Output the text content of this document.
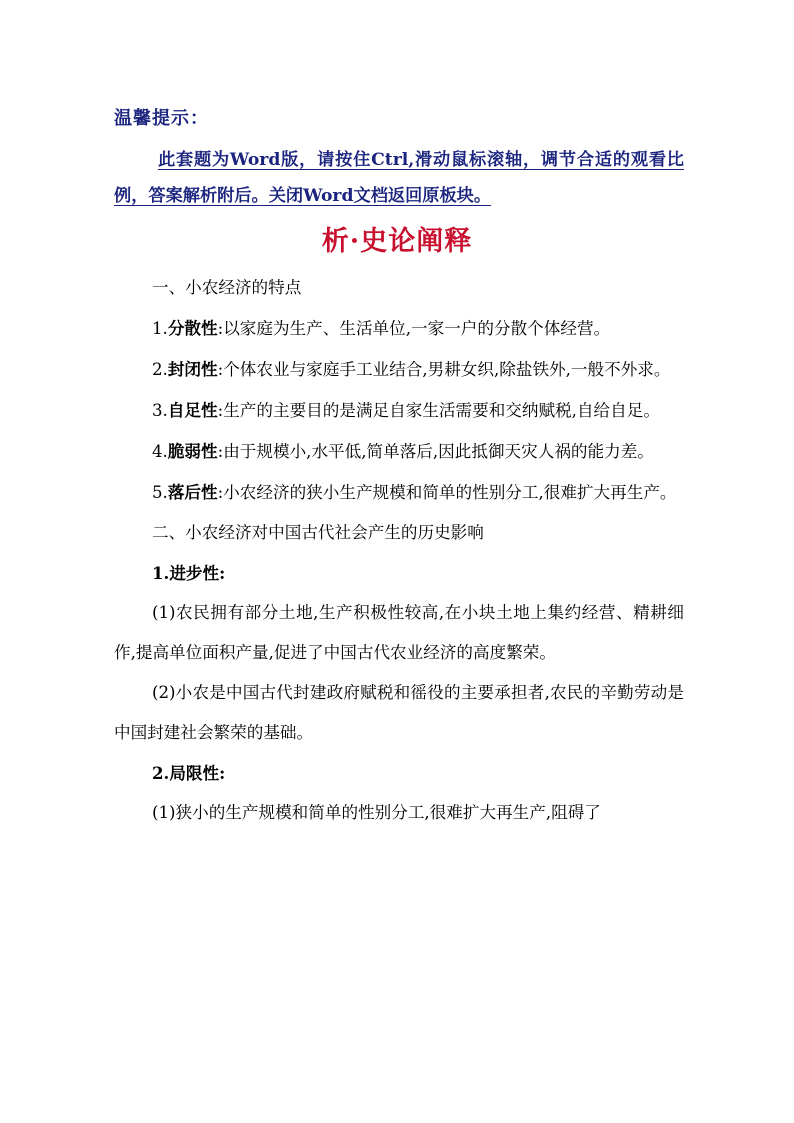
温馨提示：

此套题为Word版，请按住Ctrl,滑动鼠标滚轴，调节合适的观看比例，答案解析附后。关闭Word文档返回原板块。

析·史论阐释

一、小农经济的特点

1.分散性:以家庭为生产、生活单位,一家一户的分散个体经营。

2.封闭性:个体农业与家庭手工业结合,男耕女织,除盐铁外,一般不外求。

3.自足性:生产的主要目的是满足自家生活需要和交纳赋税,自给自足。

4.脆弱性:由于规模小,水平低,简单落后,因此抵御天灾人祸的能力差。

5.落后性:小农经济的狭小生产规模和简单的性别分工,很难扩大再生产。

二、小农经济对中国古代社会产生的历史影响

1.进步性:

(1)农民拥有部分土地,生产积极性较高,在小块土地上集约经营、精耕细作,提高单位面积产量,促进了中国古代农业经济的高度繁荣。

(2)小农是中国古代封建政府赋税和徭役的主要承担者,农民的辛勤劳动是中国封建社会繁荣的基础。

2.局限性:

(1)狭小的生产规模和简单的性别分工,很难扩大再生产,阻碍了
